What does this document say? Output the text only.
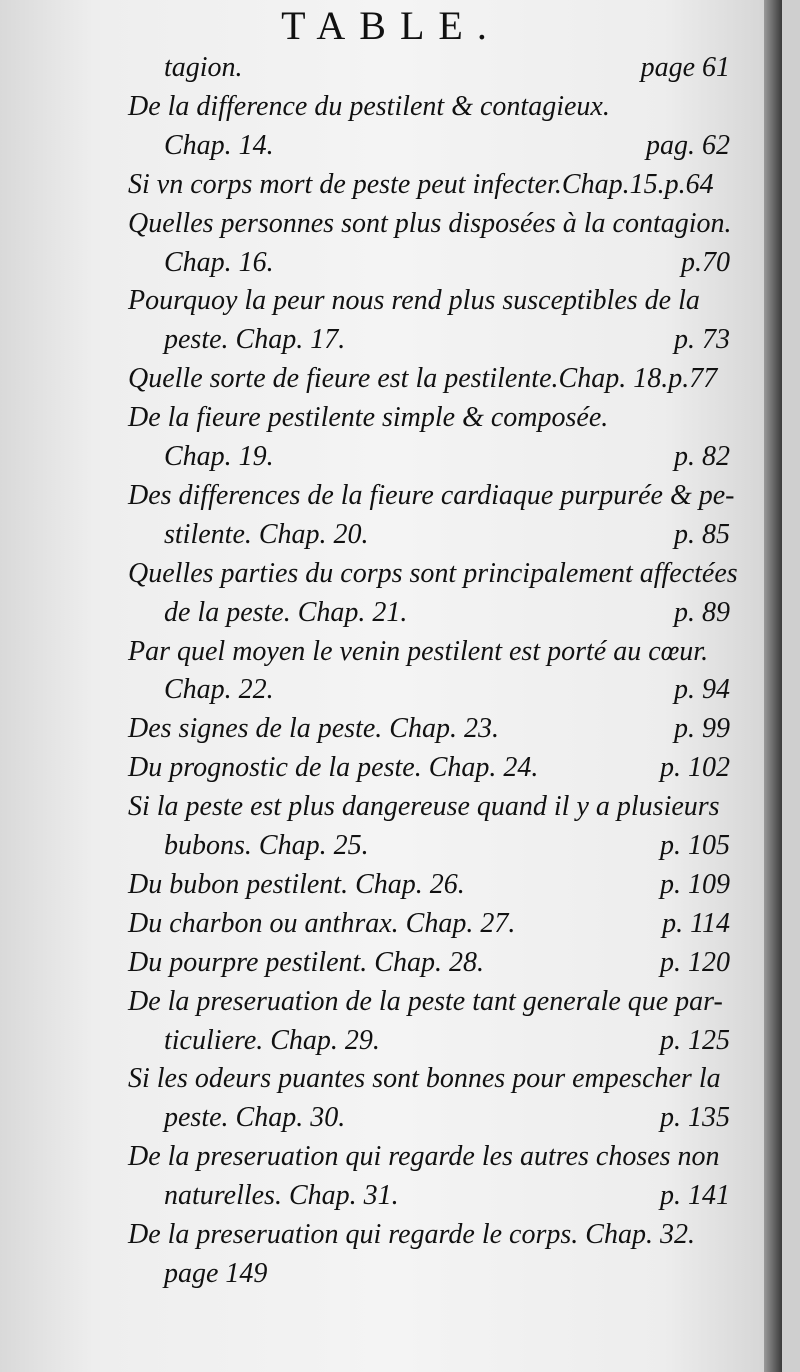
TABLE.
tagion.	page 61
De la difference du pestilent & contagieux.
Chap. 14.	pag. 62
Si vn corps mort de peste peut infecter.Chap.15.p.64
Quelles personnes sont plus disposées à la contagion.
Chap. 16.	p.70
Pourquoy la peur nous rend plus susceptibles de la
peste. Chap. 17.	p. 73
Quelle sorte de fieure est la pestilente.Chap. 18.p.77
De la fieure pestilente simple & composée.
Chap. 19.	p. 82
Des differences de la fieure cardiaque purpurée & pe-
stilente. Chap. 20.	p. 85
Quelles parties du corps sont principalement affectées
de la peste. Chap. 21.	p. 89
Par quel moyen le venin pestilent est porté au cœur.
Chap. 22.	p. 94
Des signes de la peste. Chap. 23.	p. 99
Du prognostic de la peste. Chap. 24.	p. 102
Si la peste est plus dangereuse quand il y a plusieurs
bubons. Chap. 25.	p. 105
Du bubon pestilent. Chap. 26.	p. 109
Du charbon ou anthrax. Chap. 27.	p. 114
Du pourpre pestilent. Chap. 28.	p. 120
De la preseruation de la peste tant generale que par-
ticuliere. Chap. 29.	p. 125
Si les odeurs puantes sont bonnes pour empescher la
peste. Chap. 30.	p. 135
De la preseruation qui regarde les autres choses non
naturelles. Chap. 31.	p. 141
De la preseruation qui regarde le corps. Chap. 32.
page 149
